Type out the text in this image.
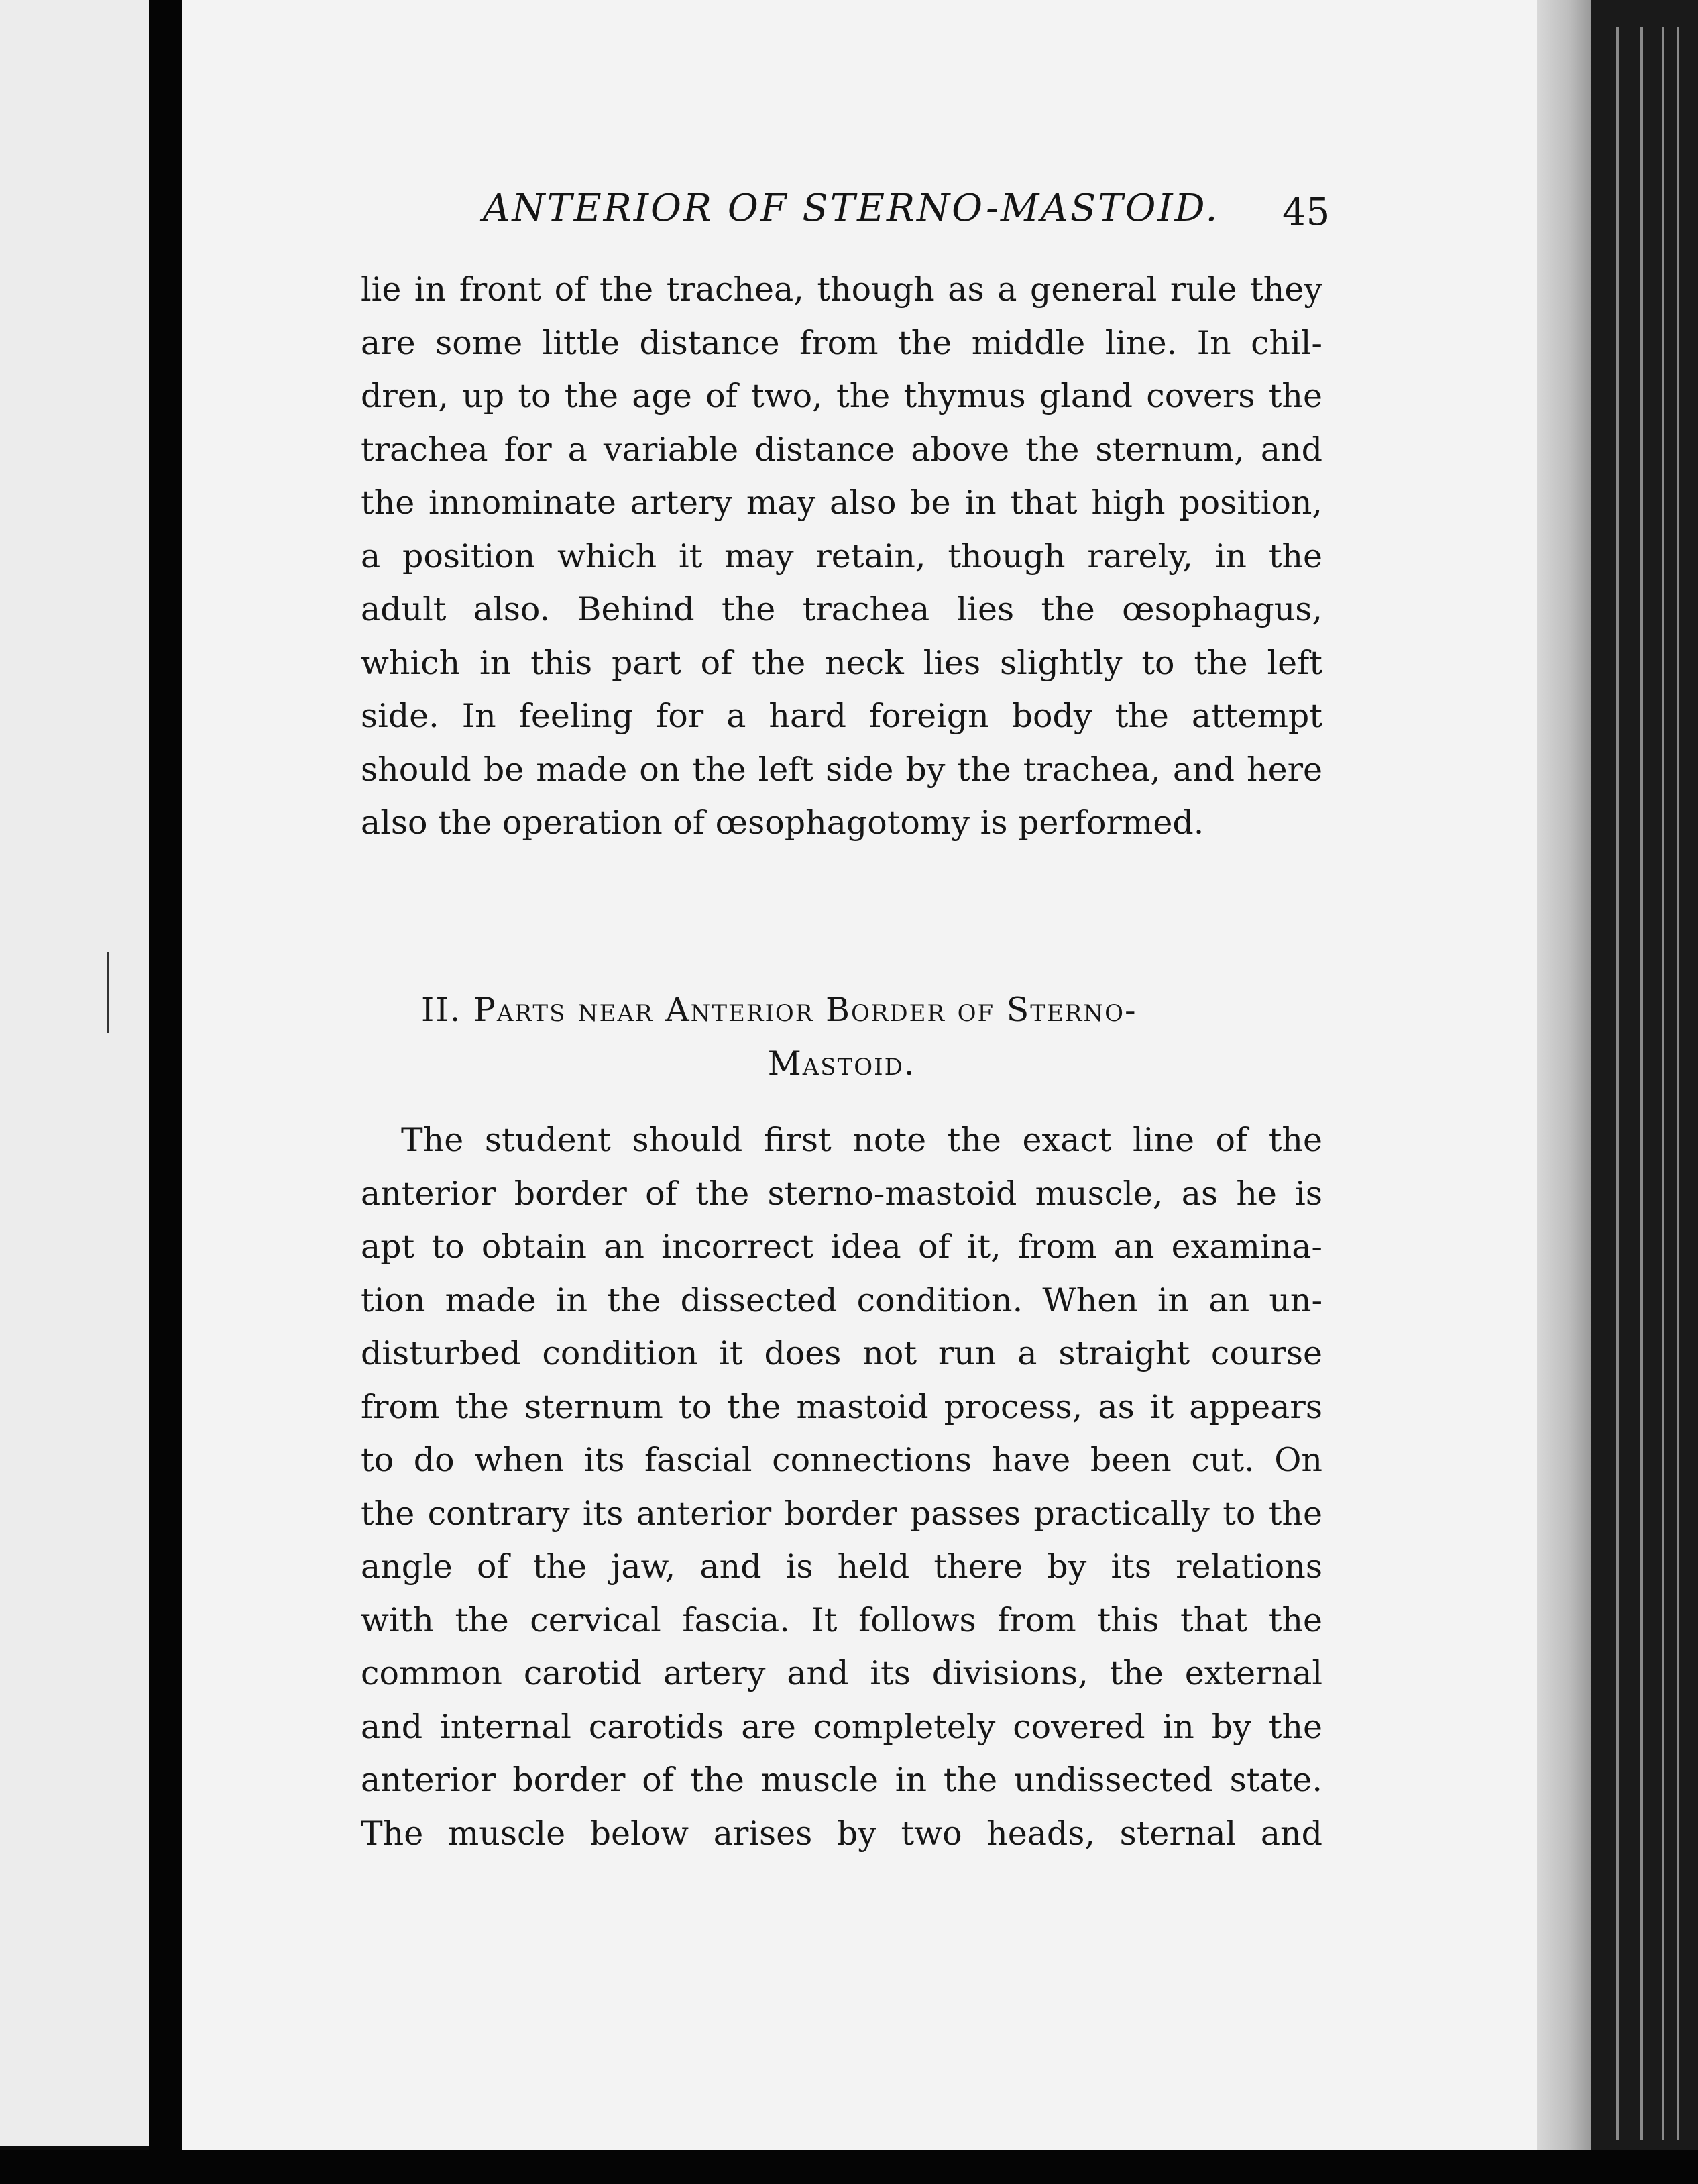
ANTERIOR OF STERNO-MASTOID. 45
lie in front of the trachea, though as a general rule they
are some little distance from the middle line. In chil-
dren, up to the age of two, the thymus gland covers the
trachea for a variable distance above the sternum, and
the innominate artery may also be in that high position,
a position which it may retain, though rarely, in the
adult also. Behind the trachea lies the œsophagus,
which in this part of the neck lies slightly to the left
side. In feeling for a hard foreign body the attempt
should be made on the left side by the trachea, and here
also the operation of œsophagotomy is performed.
II. Parts near Anterior Border of Sterno-
Mastoid.
The student should first note the exact line of the
anterior border of the sterno-mastoid muscle, as he is
apt to obtain an incorrect idea of it, from an examina-
tion made in the dissected condition. When in an un-
disturbed condition it does not run a straight course
from the sternum to the mastoid process, as it appears
to do when its fascial connections have been cut. On
the contrary its anterior border passes practically to the
angle of the jaw, and is held there by its relations
with the cervical fascia. It follows from this that the
common carotid artery and its divisions, the external
and internal carotids are completely covered in by the
anterior border of the muscle in the undissected state.
The muscle below arises by two heads, sternal and
